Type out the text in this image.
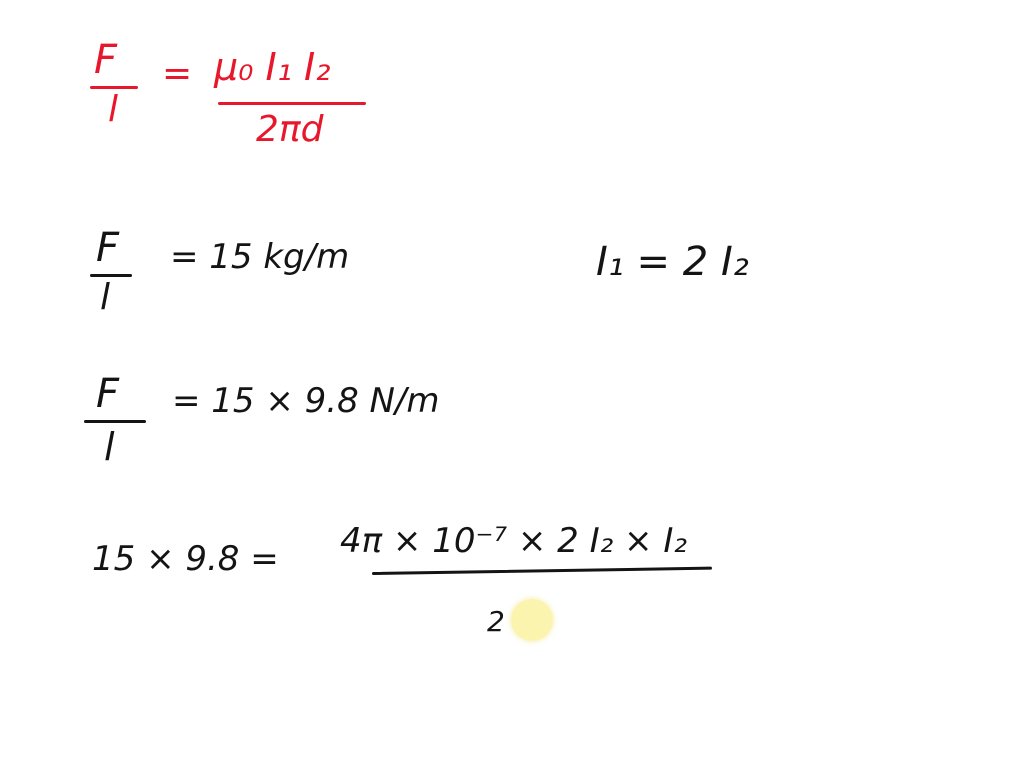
F
l
= μ₀ I₁ I₂
2πd
F
l
= 15 kg/m	I₁ = 2 I₂
F
l
= 15 × 9.8 N/m
15 × 9.8 = 4π × 10⁻⁷ × 2 I₂ × I₂
2
